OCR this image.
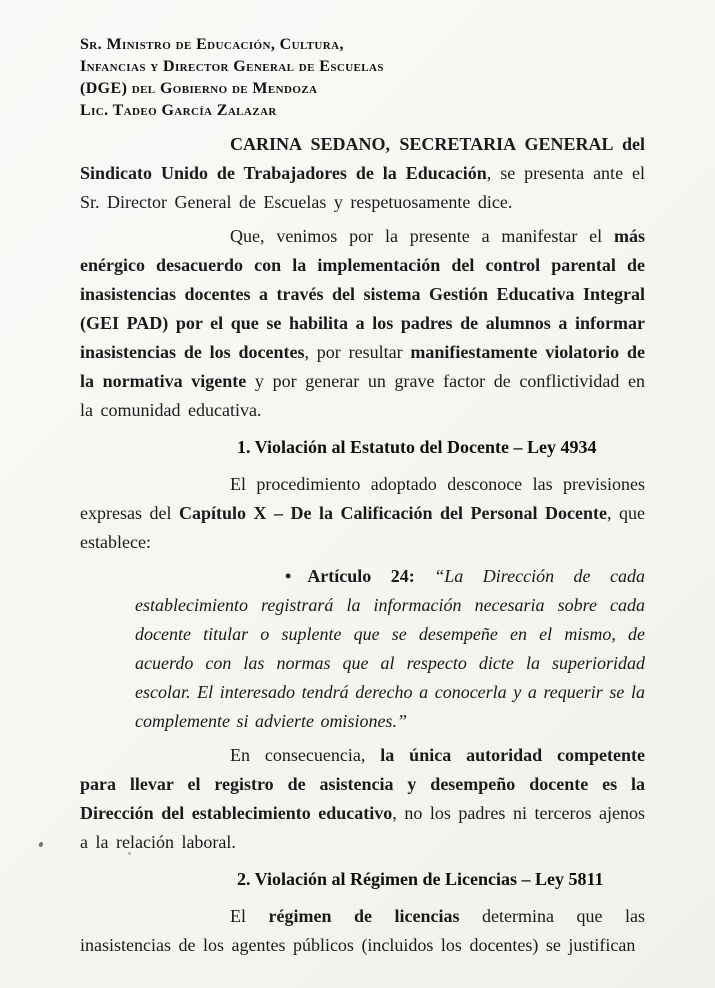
Sr. Ministro de Educación, Cultura,
Infancias y Director General de Escuelas
(DGE) del Gobierno de Mendoza
Lic. Tadeo García Zalazar

CARINA SEDANO, SECRETARIA GENERAL del Sindicato Unido de Trabajadores de la Educación, se presenta ante el Sr. Director General de Escuelas y respetuosamente dice.

Que, venimos por la presente a manifestar el más enérgico desacuerdo con la implementación del control parental de inasistencias docentes a través del sistema Gestión Educativa Integral (GEI PAD) por el que se habilita a los padres de alumnos a informar inasistencias de los docentes, por resultar manifiestamente violatorio de la normativa vigente y por generar un grave factor de conflictividad en la comunidad educativa.

1. Violación al Estatuto del Docente – Ley 4934

El procedimiento adoptado desconoce las previsiones expresas del Capítulo X – De la Calificación del Personal Docente, que establece:

• Artículo 24: “La Dirección de cada establecimiento registrará la información necesaria sobre cada docente titular o suplente que se desempeñe en el mismo, de acuerdo con las normas que al respecto dicte la superioridad escolar. El interesado tendrá derecho a conocerla y a requerir se la complemente si advierte omisiones.”

En consecuencia, la única autoridad competente para llevar el registro de asistencia y desempeño docente es la Dirección del establecimiento educativo, no los padres ni terceros ajenos a la relación laboral.

2. Violación al Régimen de Licencias – Ley 5811

El régimen de licencias determina que las inasistencias de los agentes públicos (incluidos los docentes) se justifican
